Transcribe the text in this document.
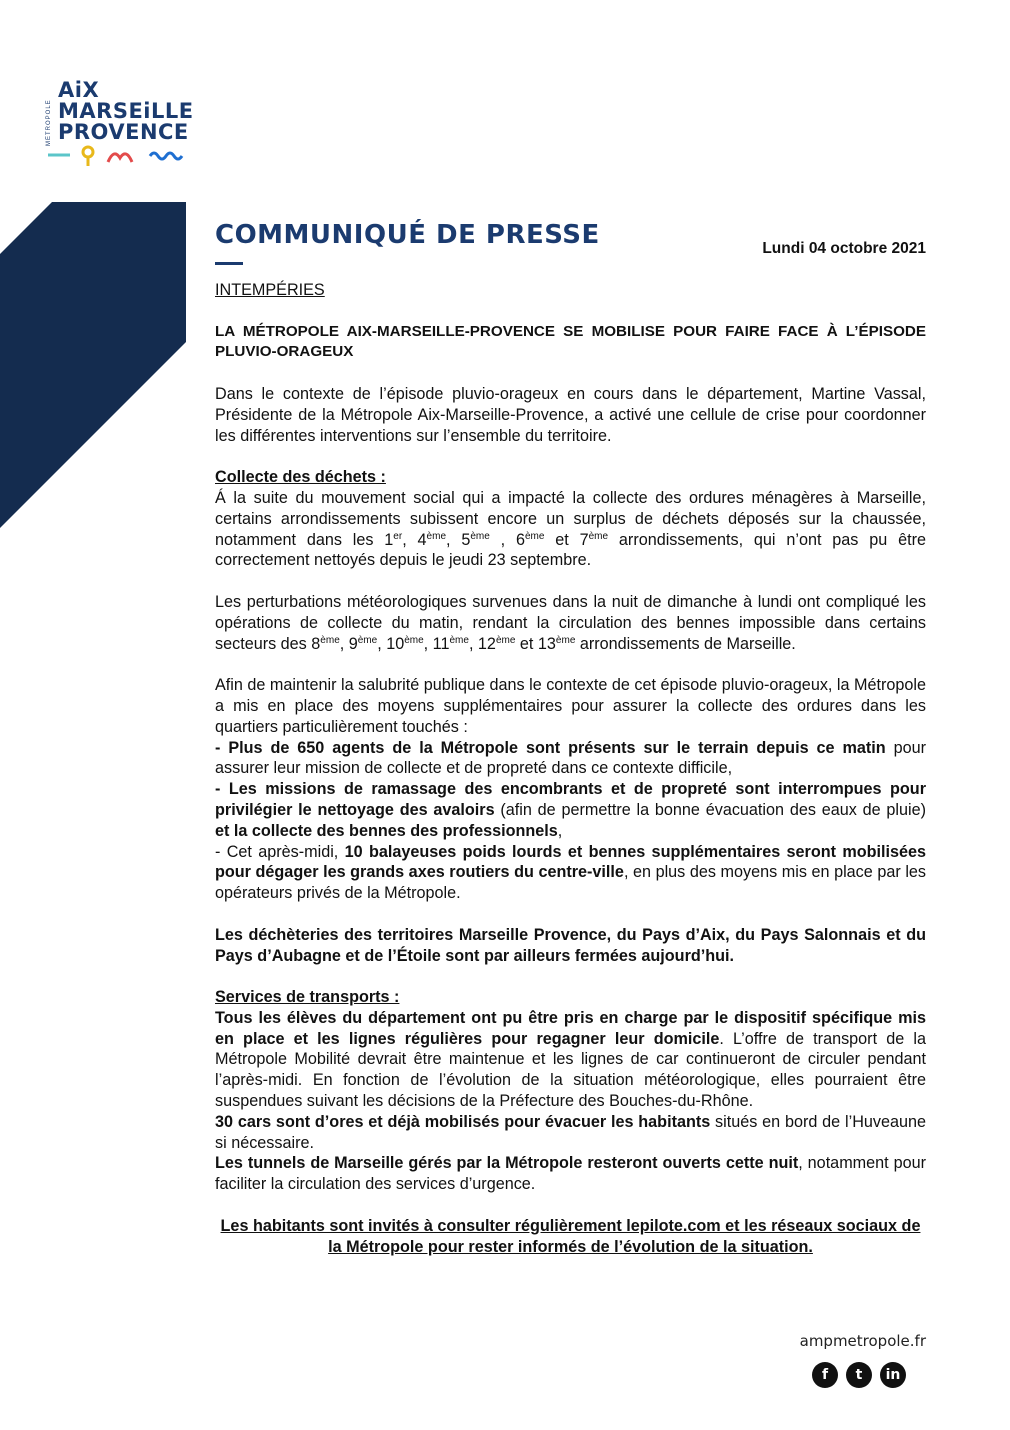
MÉTROPOLE
AiX
MARSEiLLE
PROVENCE
COMMUNIQUÉ DE PRESSE	Lundi 04 octobre 2021

INTEMPÉRIES

LA MÉTROPOLE AIX-MARSEILLE-PROVENCE SE MOBILISE POUR FAIRE FACE À L’ÉPISODE PLUVIO-ORAGEUX

Dans le contexte de l’épisode pluvio-orageux en cours dans le département, Martine Vassal, Présidente de la Métropole Aix-Marseille-Provence, a activé une cellule de crise pour coordonner les différentes interventions sur l’ensemble du territoire.

Collecte des déchets :

Á la suite du mouvement social qui a impacté la collecte des ordures ménagères à Marseille, certains arrondissements subissent encore un surplus de déchets déposés sur la chaussée, notamment dans les 1er, 4ème, 5ème , 6ème et 7ème arrondissements, qui n’ont pas pu être correctement nettoyés depuis le jeudi 23 septembre.

Les perturbations météorologiques survenues dans la nuit de dimanche à lundi ont compliqué les opérations de collecte du matin, rendant la circulation des bennes impossible dans certains secteurs des 8ème, 9ème, 10ème, 11ème, 12ème et 13ème arrondissements de Marseille.

Afin de maintenir la salubrité publique dans le contexte de cet épisode pluvio-orageux, la Métropole a mis en place des moyens supplémentaires pour assurer la collecte des ordures dans les quartiers particulièrement touchés :

- Plus de 650 agents de la Métropole sont présents sur le terrain depuis ce matin pour assurer leur mission de collecte et de propreté dans ce contexte difficile,

- Les missions de ramassage des encombrants et de propreté sont interrompues pour privilégier le nettoyage des avaloirs (afin de permettre la bonne évacuation des eaux de pluie) et la collecte des bennes des professionnels,

- Cet après-midi, 10 balayeuses poids lourds et bennes supplémentaires seront mobilisées pour dégager les grands axes routiers du centre-ville, en plus des moyens mis en place par les opérateurs privés de la Métropole.

Les déchèteries des territoires Marseille Provence, du Pays d’Aix, du Pays Salonnais et du Pays d’Aubagne et de l’Étoile sont par ailleurs fermées aujourd’hui.

Services de transports :

Tous les élèves du département ont pu être pris en charge par le dispositif spécifique mis en place et les lignes régulières pour regagner leur domicile. L’offre de transport de la Métropole Mobilité devrait être maintenue et les lignes de car continueront de circuler pendant l’après-midi. En fonction de l’évolution de la situation météorologique, elles pourraient être suspendues suivant les décisions de la Préfecture des Bouches-du-Rhône.

30 cars sont d’ores et déjà mobilisés pour évacuer les habitants situés en bord de l’Huveaune si nécessaire.

Les tunnels de Marseille gérés par la Métropole resteront ouverts cette nuit, notamment pour faciliter la circulation des services d’urgence.

Les habitants sont invités à consulter régulièrement lepilote.com et les réseaux sociaux de la Métropole pour rester informés de l’évolution de la situation.

ampmetropole.fr
f	t	in
